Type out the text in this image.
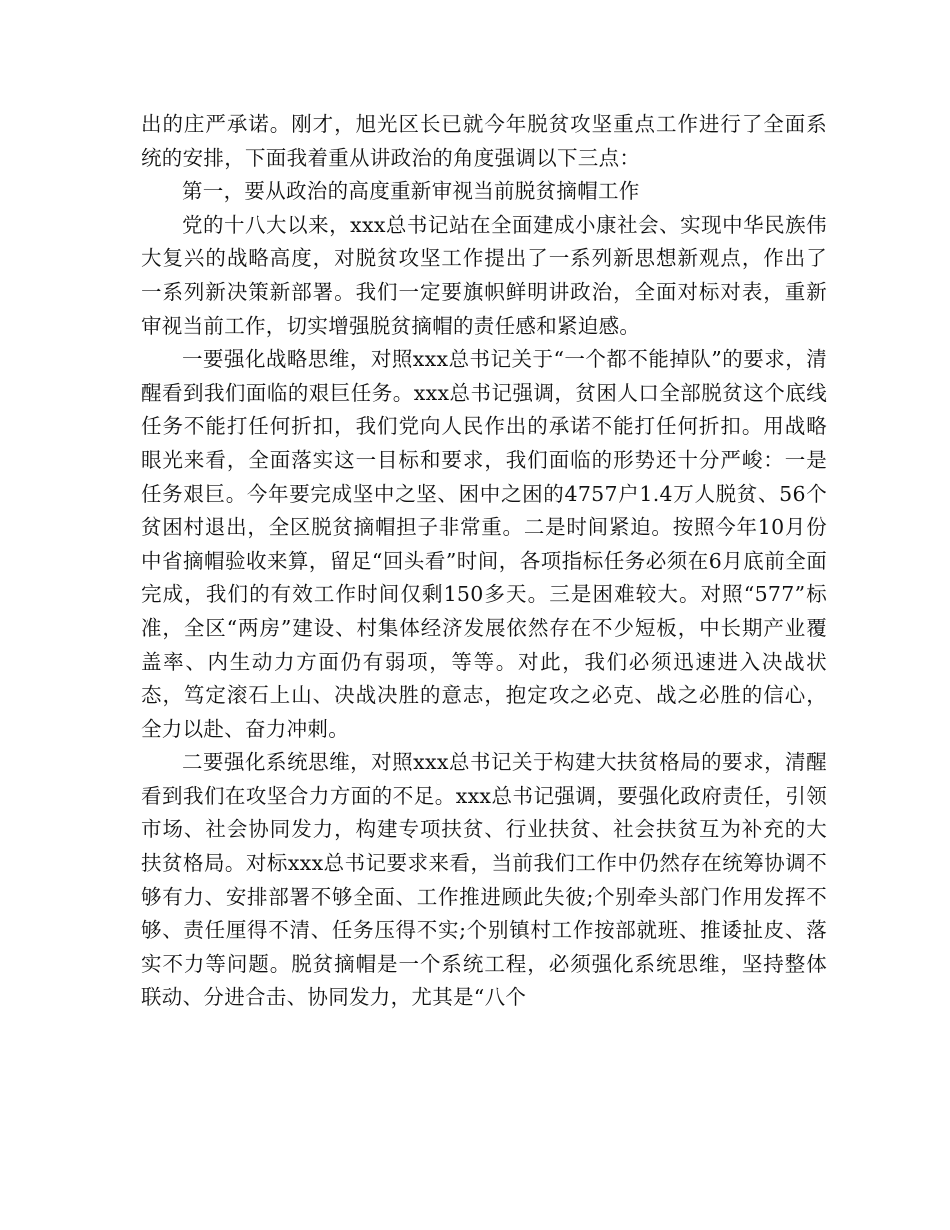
出的庄严承诺。刚才，旭光区长已就今年脱贫攻坚重点工作进行了全面系统的安排，下面我着重从讲政治的角度强调以下三点：

第一，要从政治的高度重新审视当前脱贫摘帽工作

党的十八大以来，xxx总书记站在全面建成小康社会、实现中华民族伟大复兴的战略高度，对脱贫攻坚工作提出了一系列新思想新观点，作出了一系列新决策新部署。我们一定要旗帜鲜明讲政治，全面对标对表，重新审视当前工作，切实增强脱贫摘帽的责任感和紧迫感。

一要强化战略思维，对照xxx总书记关于“一个都不能掉队”的要求，清醒看到我们面临的艰巨任务。xxx总书记强调，贫困人口全部脱贫这个底线任务不能打任何折扣，我们党向人民作出的承诺不能打任何折扣。用战略眼光来看，全面落实这一目标和要求，我们面临的形势还十分严峻：一是任务艰巨。今年要完成坚中之坚、困中之困的4757户1.4万人脱贫、56个贫困村退出，全区脱贫摘帽担子非常重。二是时间紧迫。按照今年10月份中省摘帽验收来算，留足“回头看”时间，各项指标任务必须在6月底前全面完成，我们的有效工作时间仅剩150多天。三是困难较大。对照“577”标准，全区“两房”建设、村集体经济发展依然存在不少短板，中长期产业覆盖率、内生动力方面仍有弱项，等等。对此，我们必须迅速进入决战状态，笃定滚石上山、决战决胜的意志，抱定攻之必克、战之必胜的信心，全力以赴、奋力冲刺。

二要强化系统思维，对照xxx总书记关于构建大扶贫格局的要求，清醒看到我们在攻坚合力方面的不足。xxx总书记强调，要强化政府责任，引领市场、社会协同发力，构建专项扶贫、行业扶贫、社会扶贫互为补充的大扶贫格局。对标xxx总书记要求来看，当前我们工作中仍然存在统筹协调不够有力、安排部署不够全面、工作推进顾此失彼;个别牵头部门作用发挥不够、责任厘得不清、任务压得不实;个别镇村工作按部就班、推诿扯皮、落实不力等问题。脱贫摘帽是一个系统工程，必须强化系统思维，坚持整体联动、分进合击、协同发力，尤其是“八个
